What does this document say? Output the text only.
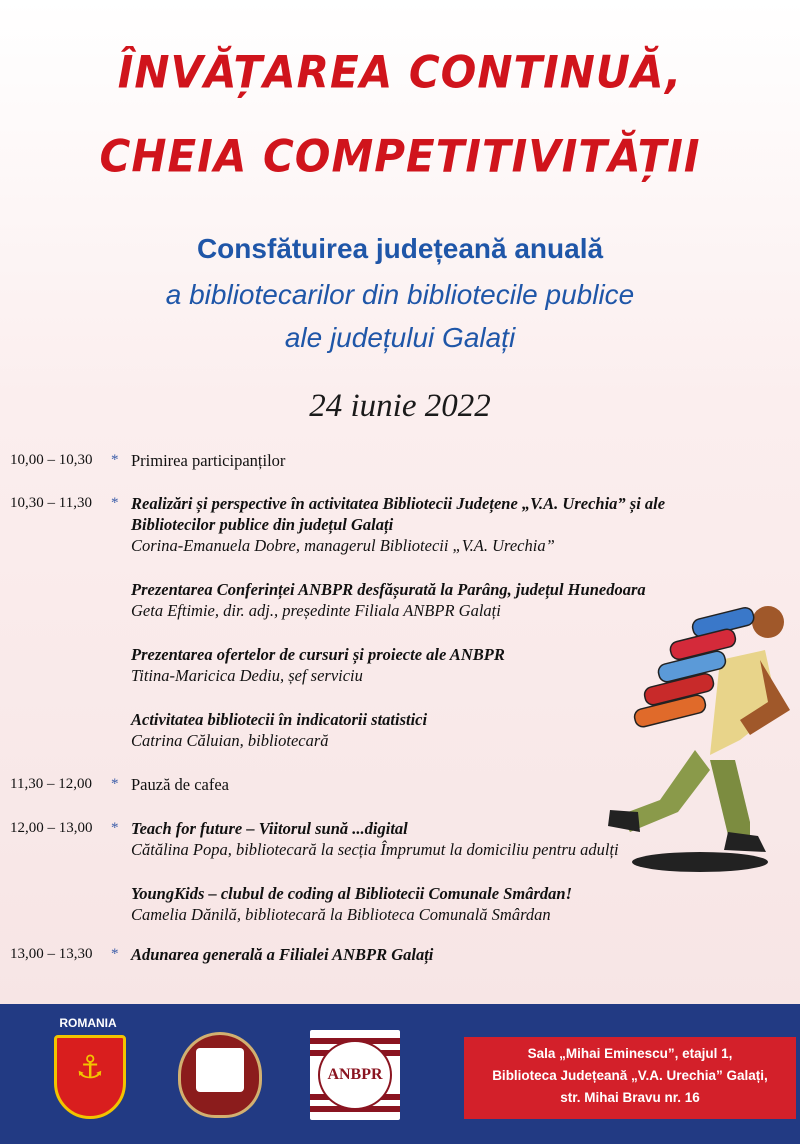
ÎNVĂȚAREA CONTINUĂ,
CHEIA COMPETITIVITĂȚII
Consfătuirea județeană anuală
a bibliotecarilor din bibliotecile publice
ale județului Galați
24 iunie 2022
10,00 – 10,30	* Primirea participanților
10,30 – 11,30	* Realizări și perspective în activitatea Bibliotecii Județene „V.A. Urechia” și ale
Bibliotecilor publice din județul Galați
Corina-Emanuela Dobre, managerul Bibliotecii „V.A. Urechia”
Prezentarea Conferinței ANBPR desfășurată la Parâng, județul Hunedoara
Geta Eftimie, dir. adj., președinte Filiala ANBPR Galați
Prezentarea ofertelor de cursuri și proiecte ale ANBPR
Titina-Maricica Dediu, șef serviciu
Activitatea bibliotecii în indicatorii statistici
Catrina Căluian, bibliotecară
11,30 – 12,00	* Pauză de cafea
12,00 – 13,00	* Teach for future – Viitorul sună ...digital
Cătălina Popa, bibliotecară la secția Împrumut la domiciliu pentru adulți
YoungKids – clubul de coding al Bibliotecii Comunale Smârdan!
Camelia Dănilă, bibliotecară la Biblioteca Comunală Smârdan
13,00 – 13,30	* Adunarea generală a Filialei ANBPR Galați
ROMANIA
⚓	ANBPR
Sala „Mihai Eminescu”, etajul 1,
Biblioteca Județeană „V.A. Urechia” Galați,
str. Mihai Bravu nr. 16
